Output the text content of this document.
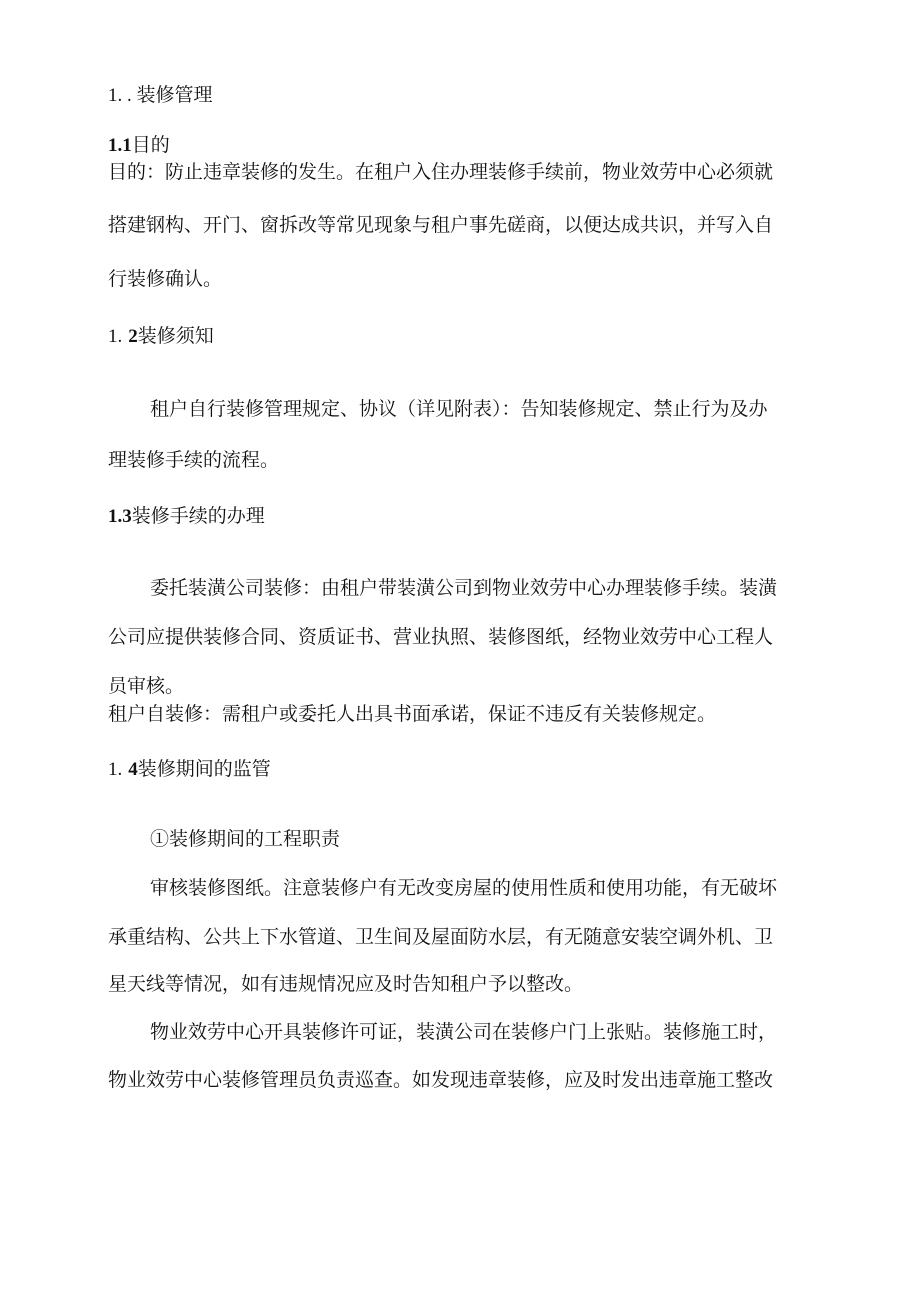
1. . 装修管理
1.1目的
目的：防止违章装修的发生。在租户入住办理装修手续前，物业效劳中心必须就
搭建钢构、开门、窗拆改等常见现象与租户事先磋商，以便达成共识，并写入自
行装修确认。
1. 2装修须知
租户自行装修管理规定、协议（详见附表）：告知装修规定、禁止行为及办
理装修手续的流程。
1.3装修手续的办理
委托装潢公司装修：由租户带装潢公司到物业效劳中心办理装修手续。装潢
公司应提供装修合同、资质证书、营业执照、装修图纸，经物业效劳中心工程人
员审核。
租户自装修：需租户或委托人出具书面承诺，保证不违反有关装修规定。
1. 4装修期间的监管
①装修期间的工程职责
审核装修图纸。注意装修户有无改变房屋的使用性质和使用功能，有无破坏
承重结构、公共上下水管道、卫生间及屋面防水层，有无随意安装空调外机、卫
星天线等情况，如有违规情况应及时告知租户予以整改。
物业效劳中心开具装修许可证，装潢公司在装修户门上张贴。装修施工时，
物业效劳中心装修管理员负责巡查。如发现违章装修，应及时发出违章施工整改
